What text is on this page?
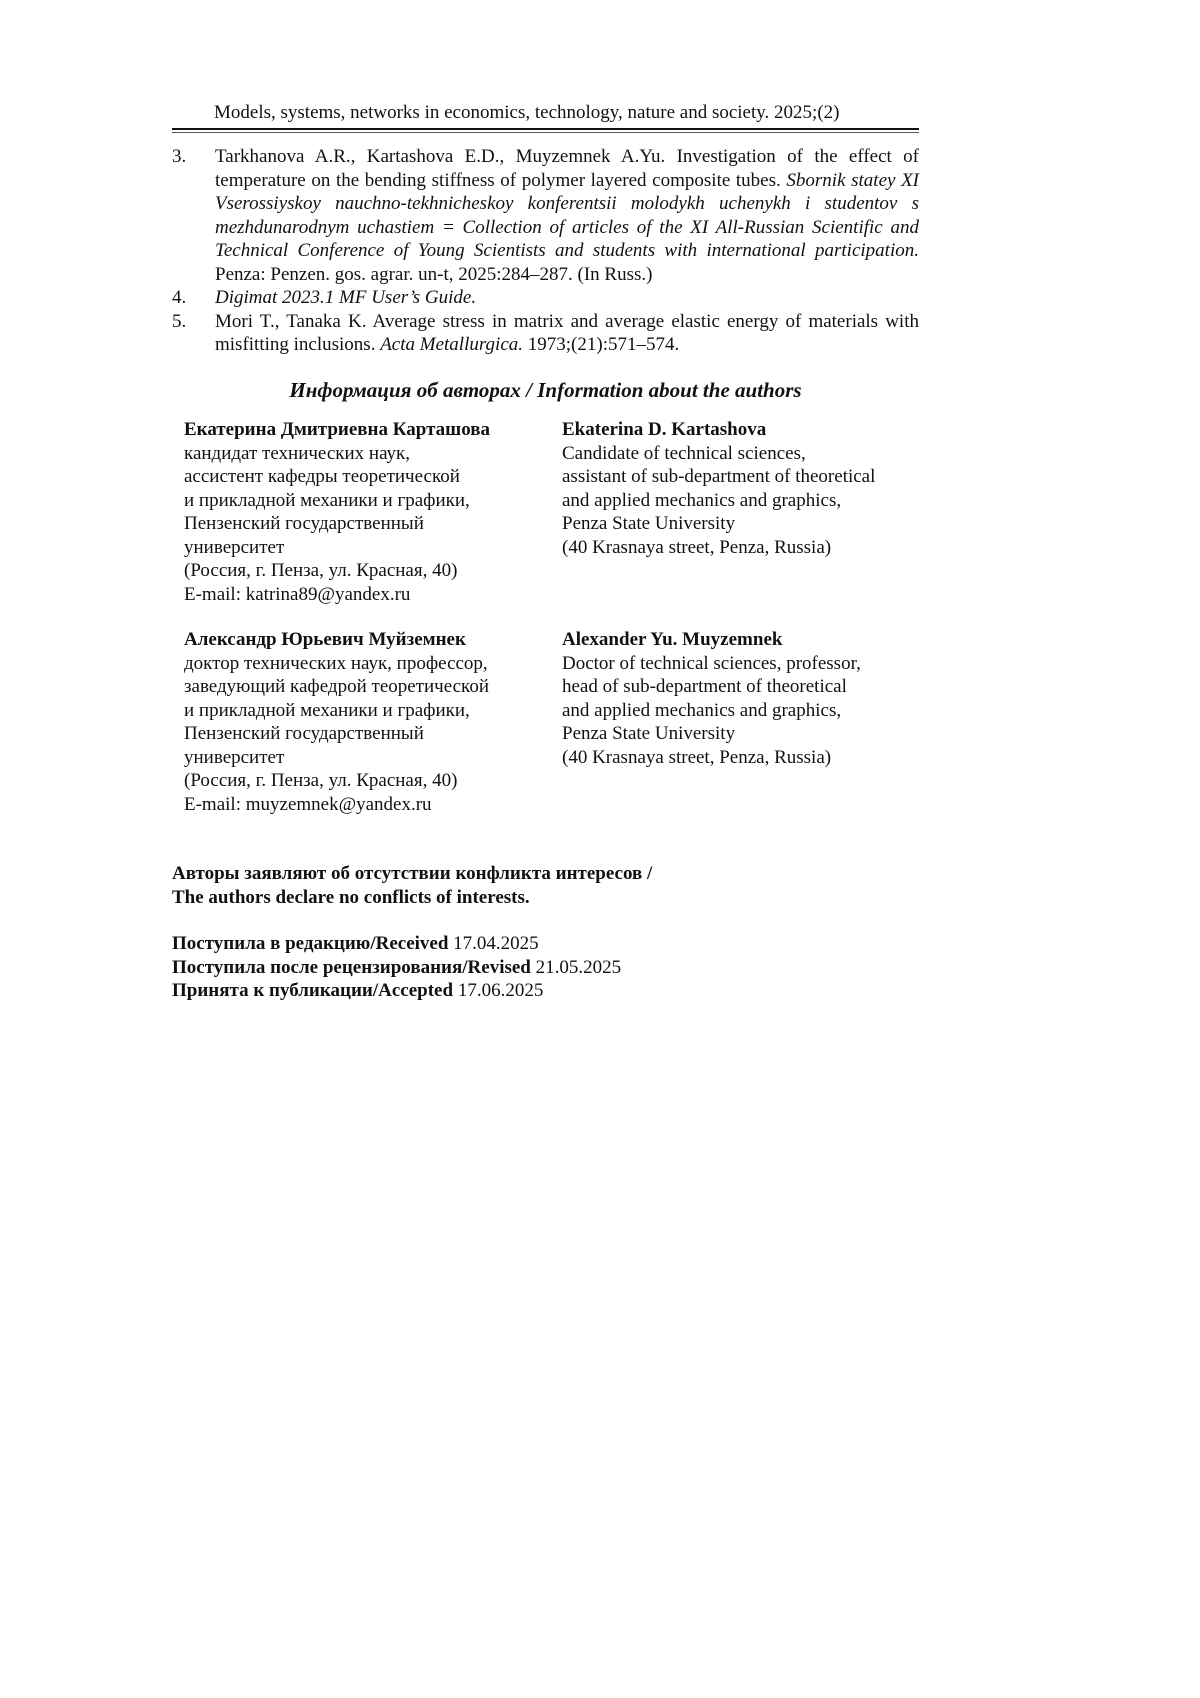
Models, systems, networks in economics, technology, nature and society. 2025;(2)
3. Tarkhanova A.R., Kartashova E.D., Muyzemnek A.Yu. Investigation of the effect of temperature on the bending stiffness of polymer layered composite tubes. Sbornik statey XI Vserossiyskoy nauchno-tekhnicheskoy konferentsii molodykh uchenykh i studentov s mezhdunarodnym uchastiem = Collection of articles of the XI All-Russian Scientific and Technical Conference of Young Scientists and students with international participation. Penza: Penzen. gos. agrar. un-t, 2025:284–287. (In Russ.)
4. Digimat 2023.1 MF User’s Guide.
5. Mori T., Tanaka K. Average stress in matrix and average elastic energy of materials with misfitting inclusions. Acta Metallurgica. 1973;(21):571–574.
Информация об авторах / Information about the authors
Екатерина Дмитриевна Карташова
кандидат технических наук,
ассистент кафедры теоретической
и прикладной механики и графики,
Пензенский государственный
университет
(Россия, г. Пенза, ул. Красная, 40)
E-mail: katrina89@yandex.ru
Ekaterina D. Kartashova
Candidate of technical sciences,
assistant of sub-department of theoretical
and applied mechanics and graphics,
Penza State University
(40 Krasnaya street, Penza, Russia)
Александр Юрьевич Муйземнек
доктор технических наук, профессор,
заведующий кафедрой теоретической
и прикладной механики и графики,
Пензенский государственный
университет
(Россия, г. Пенза, ул. Красная, 40)
E-mail: muyzemnek@yandex.ru
Alexander Yu. Muyzemnek
Doctor of technical sciences, professor,
head of sub-department of theoretical
and applied mechanics and graphics,
Penza State University
(40 Krasnaya street, Penza, Russia)
Авторы заявляют об отсутствии конфликта интересов /
The authors declare no conflicts of interests.
Поступила в редакцию/Received 17.04.2025
Поступила после рецензирования/Revised 21.05.2025
Принята к публикации/Accepted 17.06.2025
